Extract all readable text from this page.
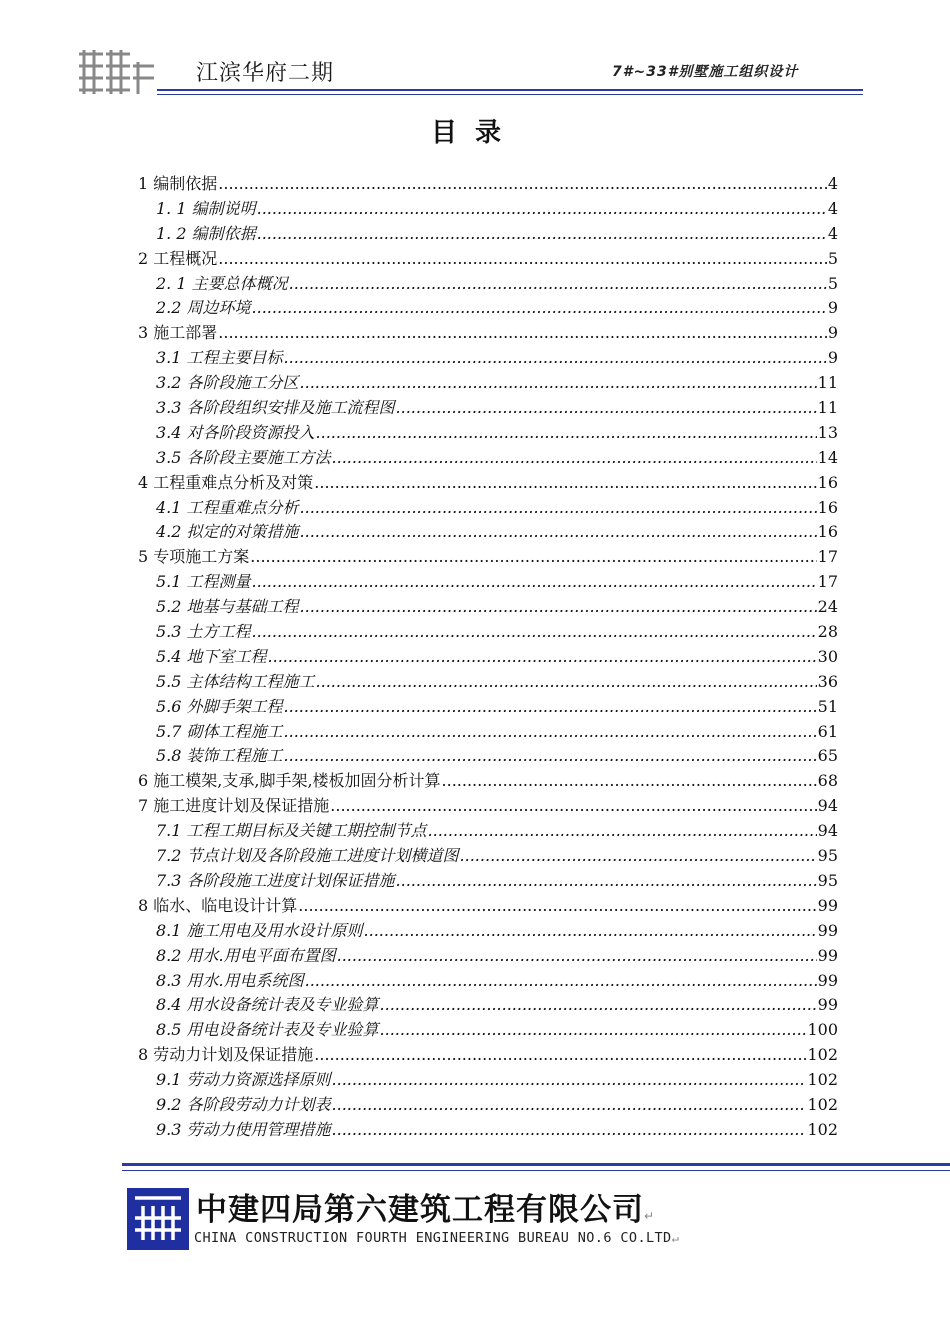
江滨华府二期	7#~33#别墅施工组织设计
目录
1 编制依据 .....	4
1. 1 编制说明 .....	4
1. 2 编制依据 .....	4
2 工程概况 .....	5
2. 1 主要总体概况 .....	5
2.2 周边环境 .....	9
3 施工部署 .....	9
3.1 工程主要目标 .....	9
3.2 各阶段施工分区 .....	11
3.3 各阶段组织安排及施工流程图 .....	11
3.4 对各阶段资源投入 .....	13
3.5 各阶段主要施工方法 .....	14
4 工程重难点分析及对策 .....	16
4.1 工程重难点分析 .....	16
4.2 拟定的对策措施 .....	16
5 专项施工方案 .....	17
5.1 工程测量 .....	17
5.2 地基与基础工程 .....	24
5.3 土方工程 .....	28
5.4 地下室工程 .....	30
5.5 主体结构工程施工 .....	36
5.6 外脚手架工程 .....	51
5.7 砌体工程施工 .....	61
5.8 装饰工程施工 .....	65
6 施工模架,支承,脚手架,楼板加固分析计算 .....	68
7 施工进度计划及保证措施 .....	94
7.1 工程工期目标及关键工期控制节点 .....	94
7.2 节点计划及各阶段施工进度计划横道图 .....	95
7.3 各阶段施工进度计划保证措施 .....	95
8 临水、临电设计计算 .....	99
8.1 施工用电及用水设计原则 .....	99
8.2 用水.用电平面布置图 .....	99
8.3 用水.用电系统图 .....	99
8.4 用水设备统计表及专业验算 .....	99
8.5 用电设备统计表及专业验算 .....	100
8 劳动力计划及保证措施 .....	102
9.1 劳动力资源选择原则 .....	102
9.2 各阶段劳动力计划表 .....	102
9.3 劳动力使用管理措施 .....	102
中建四局第六建筑工程有限公司↵
CHINA CONSTRUCTION FOURTH ENGINEERING BUREAU NO.6 CO.LTD↵
